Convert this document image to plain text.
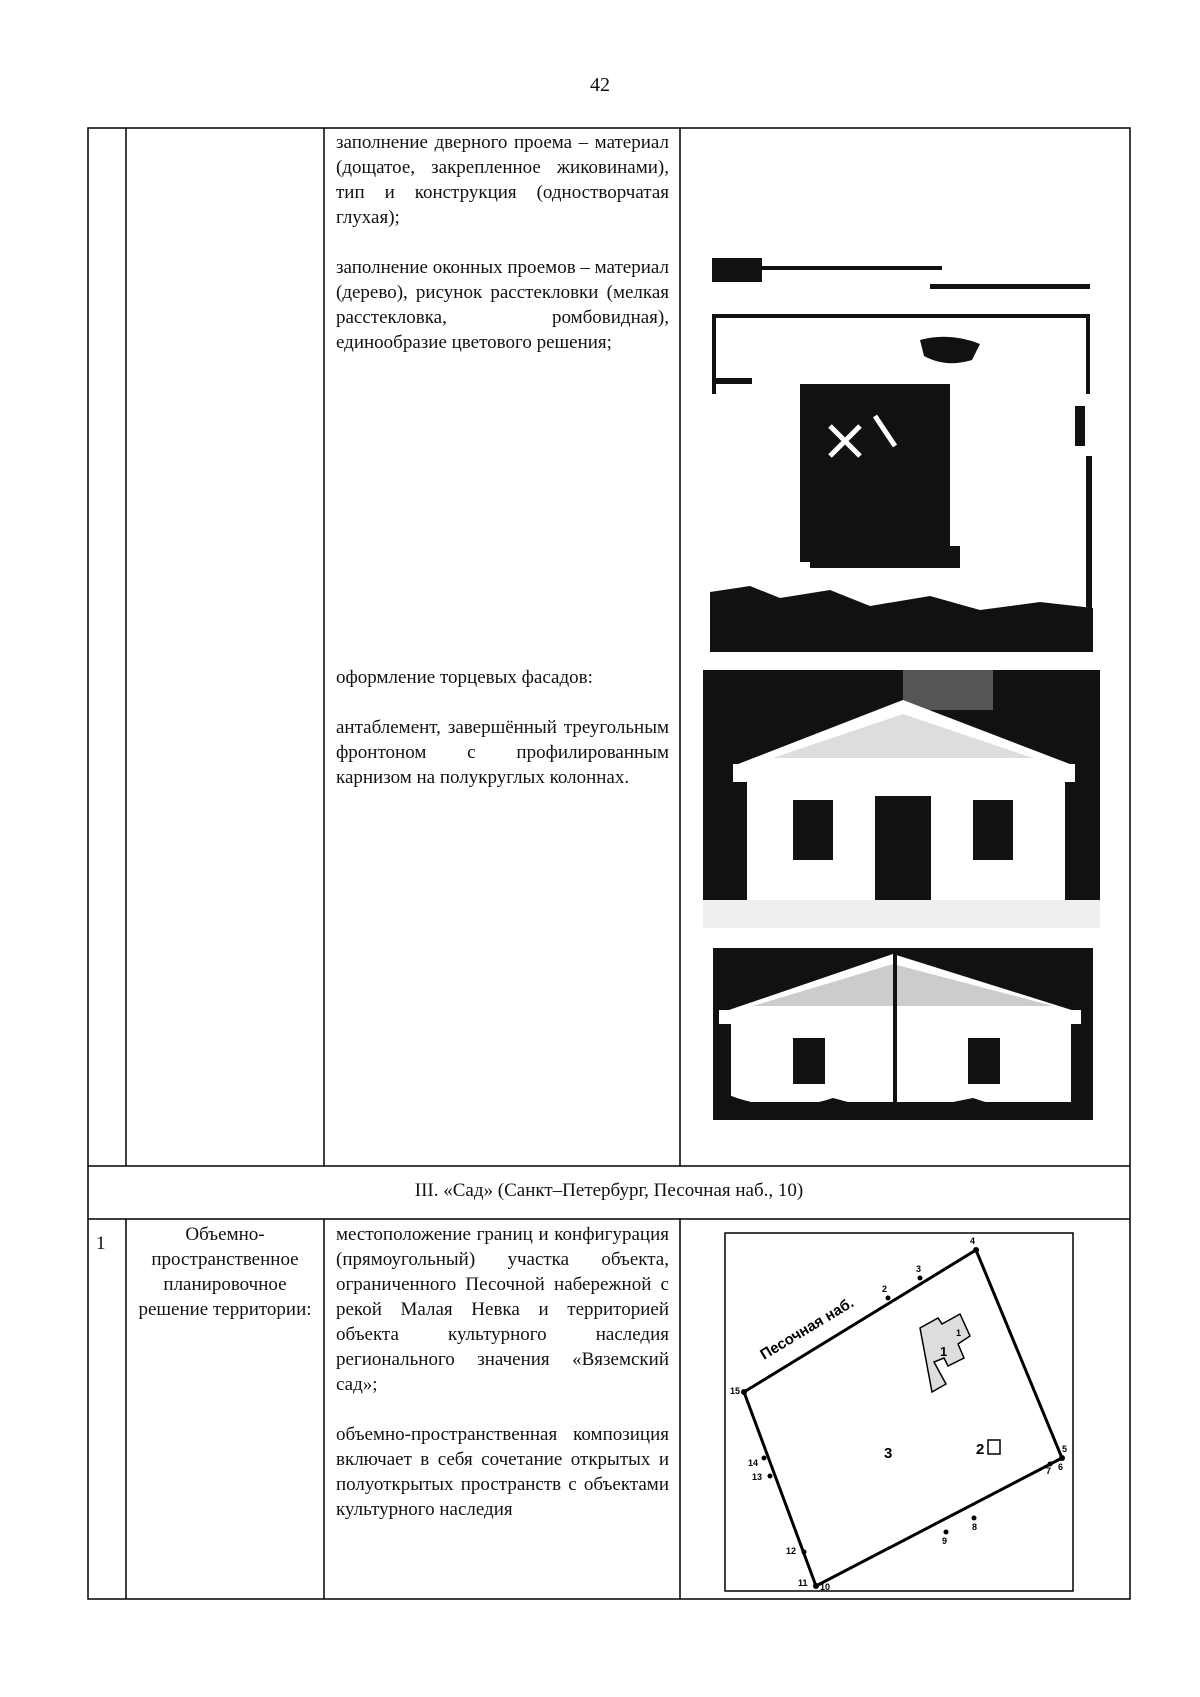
42

заполнение дверного проема – материал (дощатое, закрепленное жиковинами), тип и конструкция (одностворчатая глухая);

заполнение оконных проемов – материал (дерево), рисунок расстекловки (мелкая расстекловка, ромбовидная), единообразие цветового решения;

оформление торцевых фасадов:

антаблемент, завершённый треугольным фронтоном с профилированным карнизом на полукруглых колоннах.

III. «Сад» (Санкт–Петербург, Песочная наб., 10)
1	Объемно-пространственное планировочное решение территории:

местоположение границ и конфигурация (прямоугольный) участка объекта, ограниченного Песочной набережной с рекой Малая Невка и территорией объекта культурного наследия регионального значения «Вяземский сад»;

объемно-пространственная композиция включает в себя сочетание открытых и полуоткрытых пространств с объектами культурного наследия

Песочная наб.	1
2
3
1
2
3
4
5
6
7
8
9
10
11
12
13
14
15
